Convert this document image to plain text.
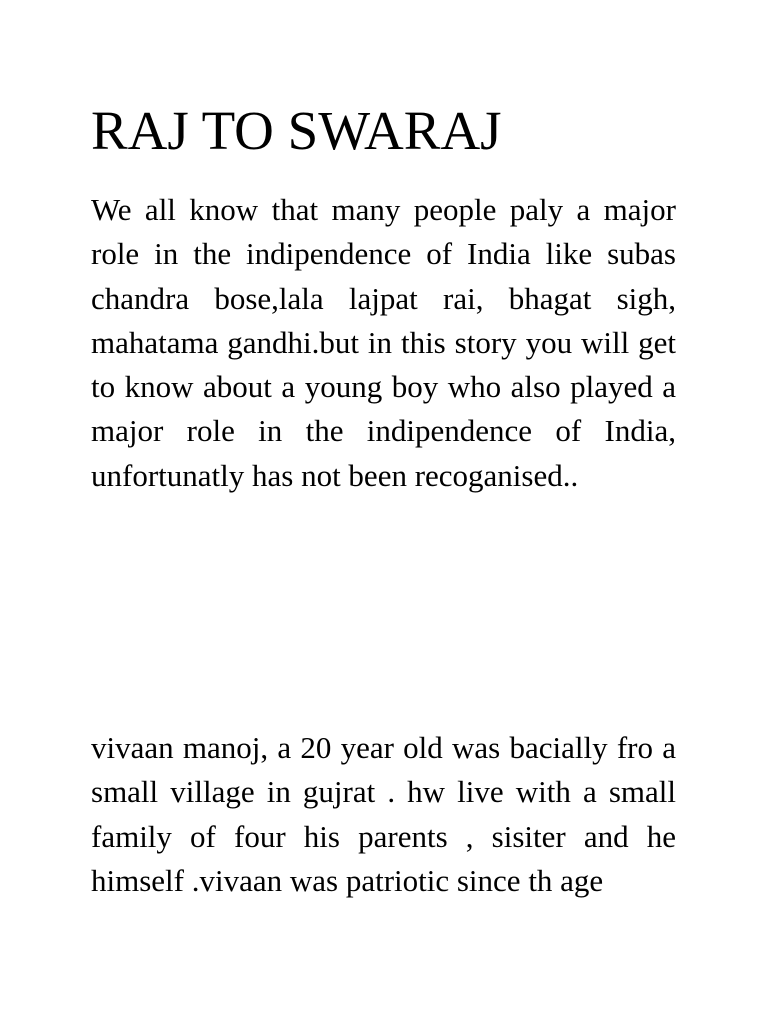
RAJ TO SWARAJ

We all know that many people paly a major role in the indipendence of India like subas chandra bose,lala lajpat rai, bhagat sigh, mahatama gandhi.but in this story you will get to know about a young boy who also played a major role in the indipendence of India, unfortunatly has not been recoganised..

vivaan manoj, a 20 year old was bacially fro a small village in gujrat . hw live with a small family of four his parents , sisiter and he himself .vivaan was patriotic since th age
